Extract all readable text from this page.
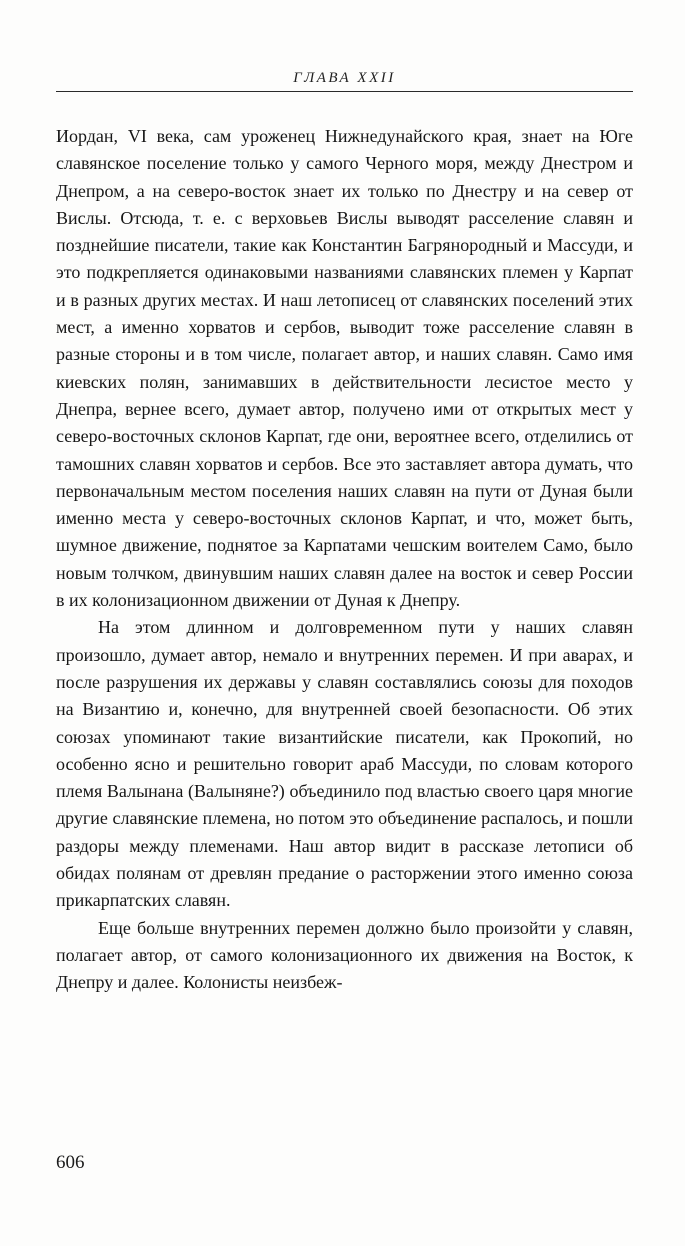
ГЛАВА XXII

Иордан, VI века, сам уроженец Нижнедунайского края, знает на Юге славянское поселение только у самого Черного моря, между Днестром и Днепром, а на северо-восток знает их только по Днестру и на север от Вислы. Отсюда, т. е. с верховьев Вислы выводят расселение славян и позднейшие писатели, такие как Константин Багрянородный и Массуди, и это подкрепляется одинаковыми названиями славянских племен у Карпат и в разных других местах. И наш летописец от славянских поселений этих мест, а именно хорватов и сербов, выводит тоже расселение славян в разные стороны и в том числе, полагает автор, и наших славян. Само имя киевских полян, занимавших в действительности лесистое место у Днепра, вернее всего, думает автор, получено ими от открытых мест у северо-восточных склонов Карпат, где они, вероятнее всего, отделились от тамошних славян хорватов и сербов. Все это заставляет автора думать, что первоначальным местом поселения наших славян на пути от Дуная были именно места у северо-восточных склонов Карпат, и что, может быть, шумное движение, поднятое за Карпатами чешским воителем Само, было новым толчком, двинувшим наших славян далее на восток и север России в их колонизационном движении от Дуная к Днепру.

На этом длинном и долговременном пути у наших славян произошло, думает автор, немало и внутренних перемен. И при аварах, и после разрушения их державы у славян составлялись союзы для походов на Византию и, конечно, для внутренней своей безопасности. Об этих союзах упоминают такие византийские писатели, как Прокопий, но особенно ясно и решительно говорит араб Массуди, по словам которого племя Валынана (Валыняне?) объединило под властью своего царя многие другие славянские племена, но потом это объединение распалось, и пошли раздоры между племенами. Наш автор видит в рассказе летописи об обидах полянам от древлян предание о расторжении этого именно союза прикарпатских славян.

Еще больше внутренних перемен должно было произойти у славян, полагает автор, от самого колонизационного их движения на Восток, к Днепру и далее. Колонисты неизбеж-

606
